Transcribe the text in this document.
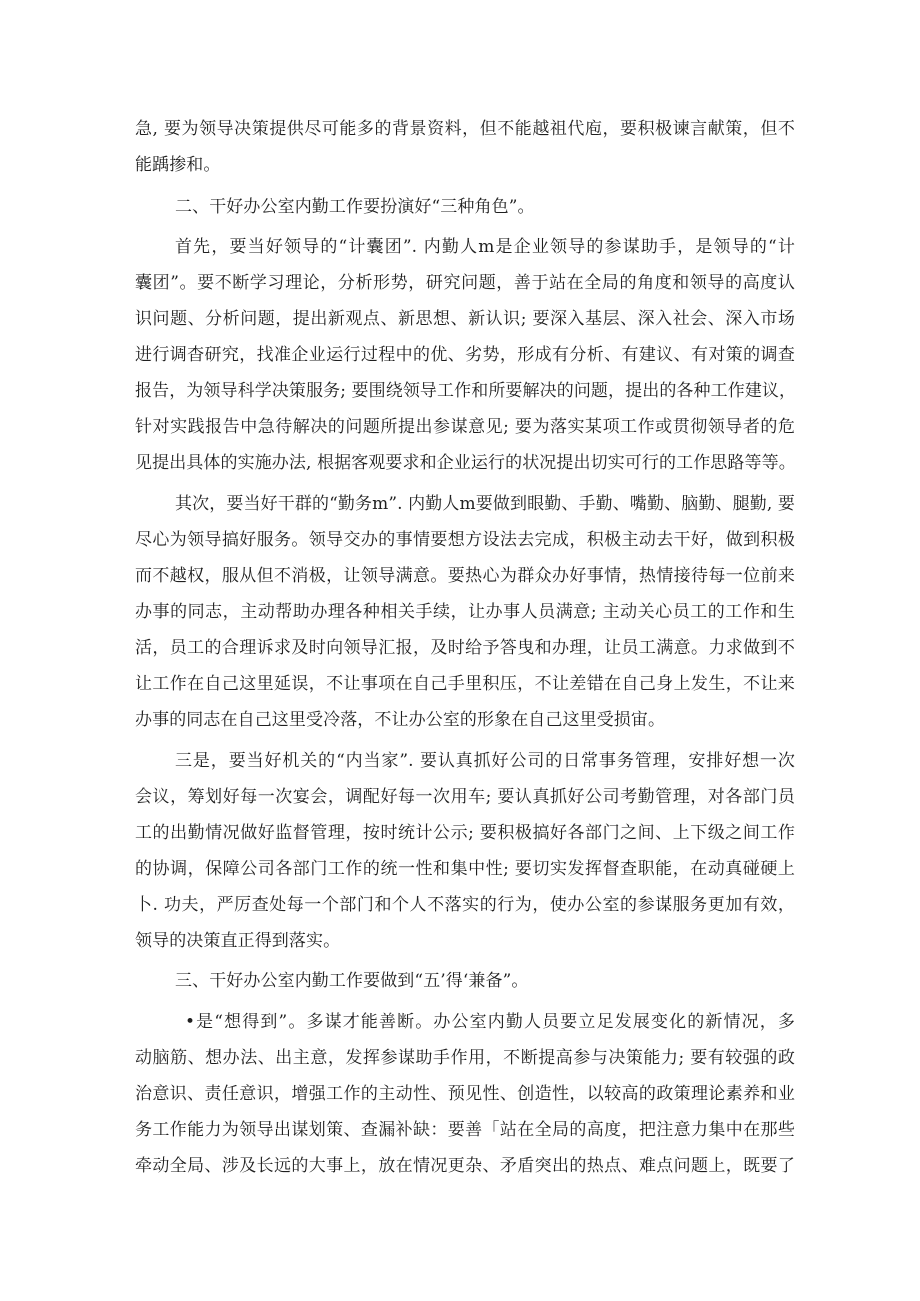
急, 要为领导决策提供尽可能多的背景资料，但不能越祖代庖，要积极谏言献策，但不

能踽掺和。

二、干好办公室内勤工作要扮演好“三种角色”。

首先，要当好领导的“计囊团”. 内勤人m是企业领导的参谋助手，是领导的“计

囊团”。要不断学习理论，分析形势，研究问题，善于站在全局的角度和领导的高度认

识问题、分析问题，提出新观点、新思想、新认识; 要深入基层、深入社会、深入市场

进行调杳研究，找准企业运行过程中的优、劣势，形成有分析、有建议、有对策的调查

报告，为领导科学决策服务; 要围绕领导工作和所要解决的问题，提出的各种工作建议，

针对实践报告中急待解决的问题所提出参谋意见; 要为落实某项工作或贯彻领导者的危

见提出具体的实施办法, 根据客观要求和企业运行的状况提出切实可行的工作思路等等。

其次，要当好干群的“勤务m”. 内勤人m要做到眼勤、手勤、嘴勤、脑勤、腿勤, 要

尽心为领导搞好服务。领导交办的事情要想方设法去完成，积极主动去干好，做到积极

而不越权，服从但不消极，让领导满意。要热心为群众办好事情，热情接待每一位前来

办事的同志，主动帮助办理各种相关手续，让办事人员满意; 主动关心员工的工作和生

活，员工的合理诉求及时向领导汇报，及时给予答曳和办理，让员工满意。力求做到不

让工作在自己这里延误，不让事项在自己手里积压，不让差错在自己身上发生，不让来

办事的同志在自己这里受冷落，不让办公室的形象在自己这里受损宙。

三是，要当好机关的“内当家”. 要认真抓好公司的日常事务管理，安排好想一次

会议，筹划好每一次宴会，调配好每一次用车; 要认真抓好公司考勤管理，对各部门员

工的出勤情况做好监督管理，按时统计公示; 要积极搞好各部门之间、上下级之间工作

的协调，保障公司各部门工作的统一性和集中性; 要切实发挥督查职能，在动真碰硬上

卜. 功夫，严厉查处每一个部门和个人不落实的行为，使办公室的参谋服务更加有效，

领导的决策直正得到落实。

三、干好办公室内勤工作要做到“五’得‘兼备”。

•是“想得到”。多谋才能善断。办公室内勤人员要立足发展变化的新情况，多

动脑筋、想办法、出主意，发挥参谋助手作用，不断提高参与决策能力; 要有较强的政

治意识、责任意识，增强工作的主动性、预见性、创造性，以较高的政策理论素养和业

务工作能力为领导出谋划策、查漏补缺：要善「站在全局的高度，把注意力集中在那些

牵动全局、涉及长远的大事上，放在情况更杂、矛盾突出的热点、难点问题上，既要了
